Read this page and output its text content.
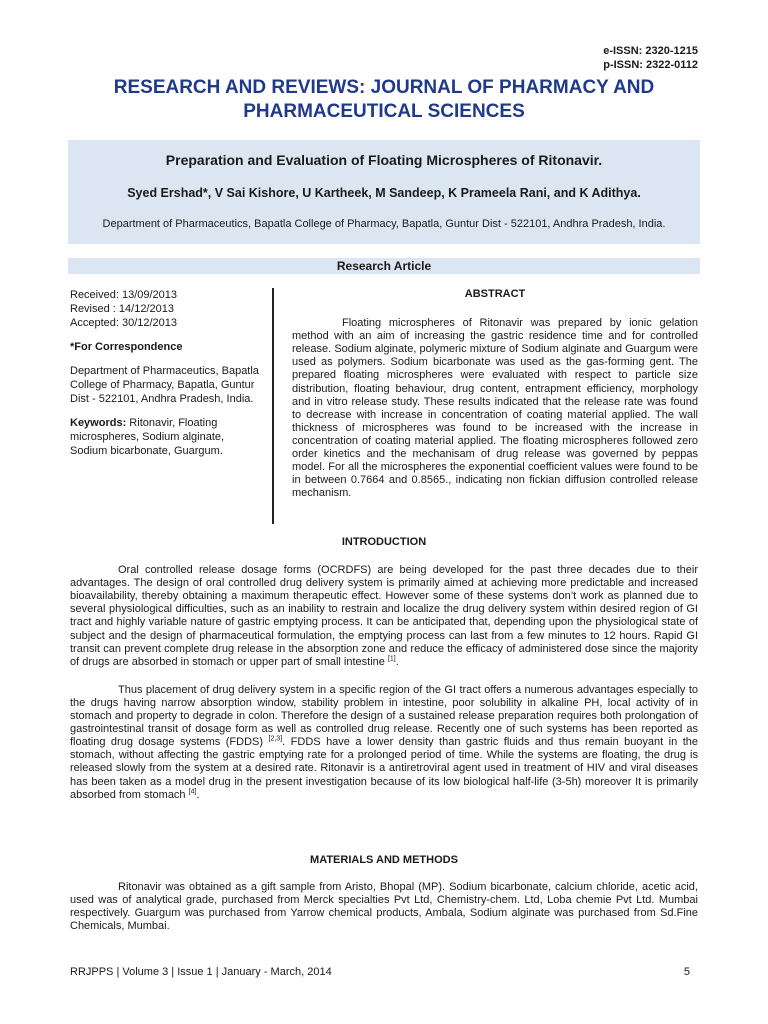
e-ISSN: 2320-1215
p-ISSN: 2322-0112
RESEARCH AND REVIEWS: JOURNAL OF PHARMACY AND PHARMACEUTICAL SCIENCES
Preparation and Evaluation of Floating Microspheres of Ritonavir.
Syed Ershad*, V Sai Kishore, U Kartheek, M Sandeep, K Prameela Rani, and K Adithya.
Department of Pharmaceutics, Bapatla College of Pharmacy, Bapatla, Guntur Dist - 522101, Andhra Pradesh, India.
Research Article

Received: 13/09/2013
Revised : 14/12/2013
Accepted: 30/12/2013

*For Correspondence

Department of Pharmaceutics, Bapatla College of Pharmacy, Bapatla, Guntur Dist - 522101, Andhra Pradesh, India.

Keywords: Ritonavir, Floating microspheres, Sodium alginate, Sodium bicarbonate, Guargum.

ABSTRACT

Floating microspheres of Ritonavir was prepared by ionic gelation method with an aim of increasing the gastric residence time and for controlled release. Sodium alginate, polymeric mixture of Sodium alginate and Guargum were used as polymers. Sodium bicarbonate was used as the gas-forming gent. The prepared floating microspheres were evaluated with respect to particle size distribution, floating behaviour, drug content, entrapment efficiency, morphology and in vitro release study. These results indicated that the release rate was found to decrease with increase in concentration of coating material applied. The wall thickness of microspheres was found to be increased with the increase in concentration of coating material applied. The floating microspheres followed zero order kinetics and the mechanisam of drug release was governed by peppas model. For all the microspheres the exponential coefficient values were found to be in between 0.7664 and 0.8565., indicating non fickian diffusion controlled release mechanism.

INTRODUCTION

Oral controlled release dosage forms (OCRDFS) are being developed for the past three decades due to their advantages. The design of oral controlled drug delivery system is primarily aimed at achieving more predictable and increased bioavailability, thereby obtaining a maximum therapeutic effect. However some of these systems don’t work as planned due to several physiological difficulties, such as an inability to restrain and localize the drug delivery system within desired region of GI tract and highly variable nature of gastric emptying process. It can be anticipated that, depending upon the physiological state of subject and the design of pharmaceutical formulation, the emptying process can last from a few minutes to 12 hours. Rapid GI transit can prevent complete drug release in the absorption zone and reduce the efficacy of administered dose since the majority of drugs are absorbed in stomach or upper part of small intestine [1].

Thus placement of drug delivery system in a specific region of the GI tract offers a numerous advantages especially to the drugs having narrow absorption window, stability problem in intestine, poor solubility in alkaline PH, local activity of in stomach and property to degrade in colon. Therefore the design of a sustained release preparation requires both prolongation of gastrointestinal transit of dosage form as well as controlled drug release. Recently one of such systems has been reported as floating drug dosage systems (FDDS) [2,3]. FDDS have a lower density than gastric fluids and thus remain buoyant in the stomach, without affecting the gastric emptying rate for a prolonged period of time. While the systems are floating, the drug is released slowly from the system at a desired rate. Ritonavir is a antiretroviral agent used in treatment of HIV and viral diseases has been taken as a model drug in the present investigation because of its low biological half-life (3-5h) moreover It is primarily absorbed from stomach [4].

MATERIALS AND METHODS

Ritonavir was obtained as a gift sample from Aristo, Bhopal (MP). Sodium bicarbonate, calcium chloride, acetic acid, used was of analytical grade, purchased from Merck specialties Pvt Ltd, Chemistry-chem. Ltd, Loba chemie Pvt Ltd. Mumbai respectively. Guargum was purchased from Yarrow chemical products, Ambala, Sodium alginate was purchased from Sd.Fine Chemicals, Mumbai.

RRJPPS | Volume 3 | Issue 1 | January - March, 2014	5
